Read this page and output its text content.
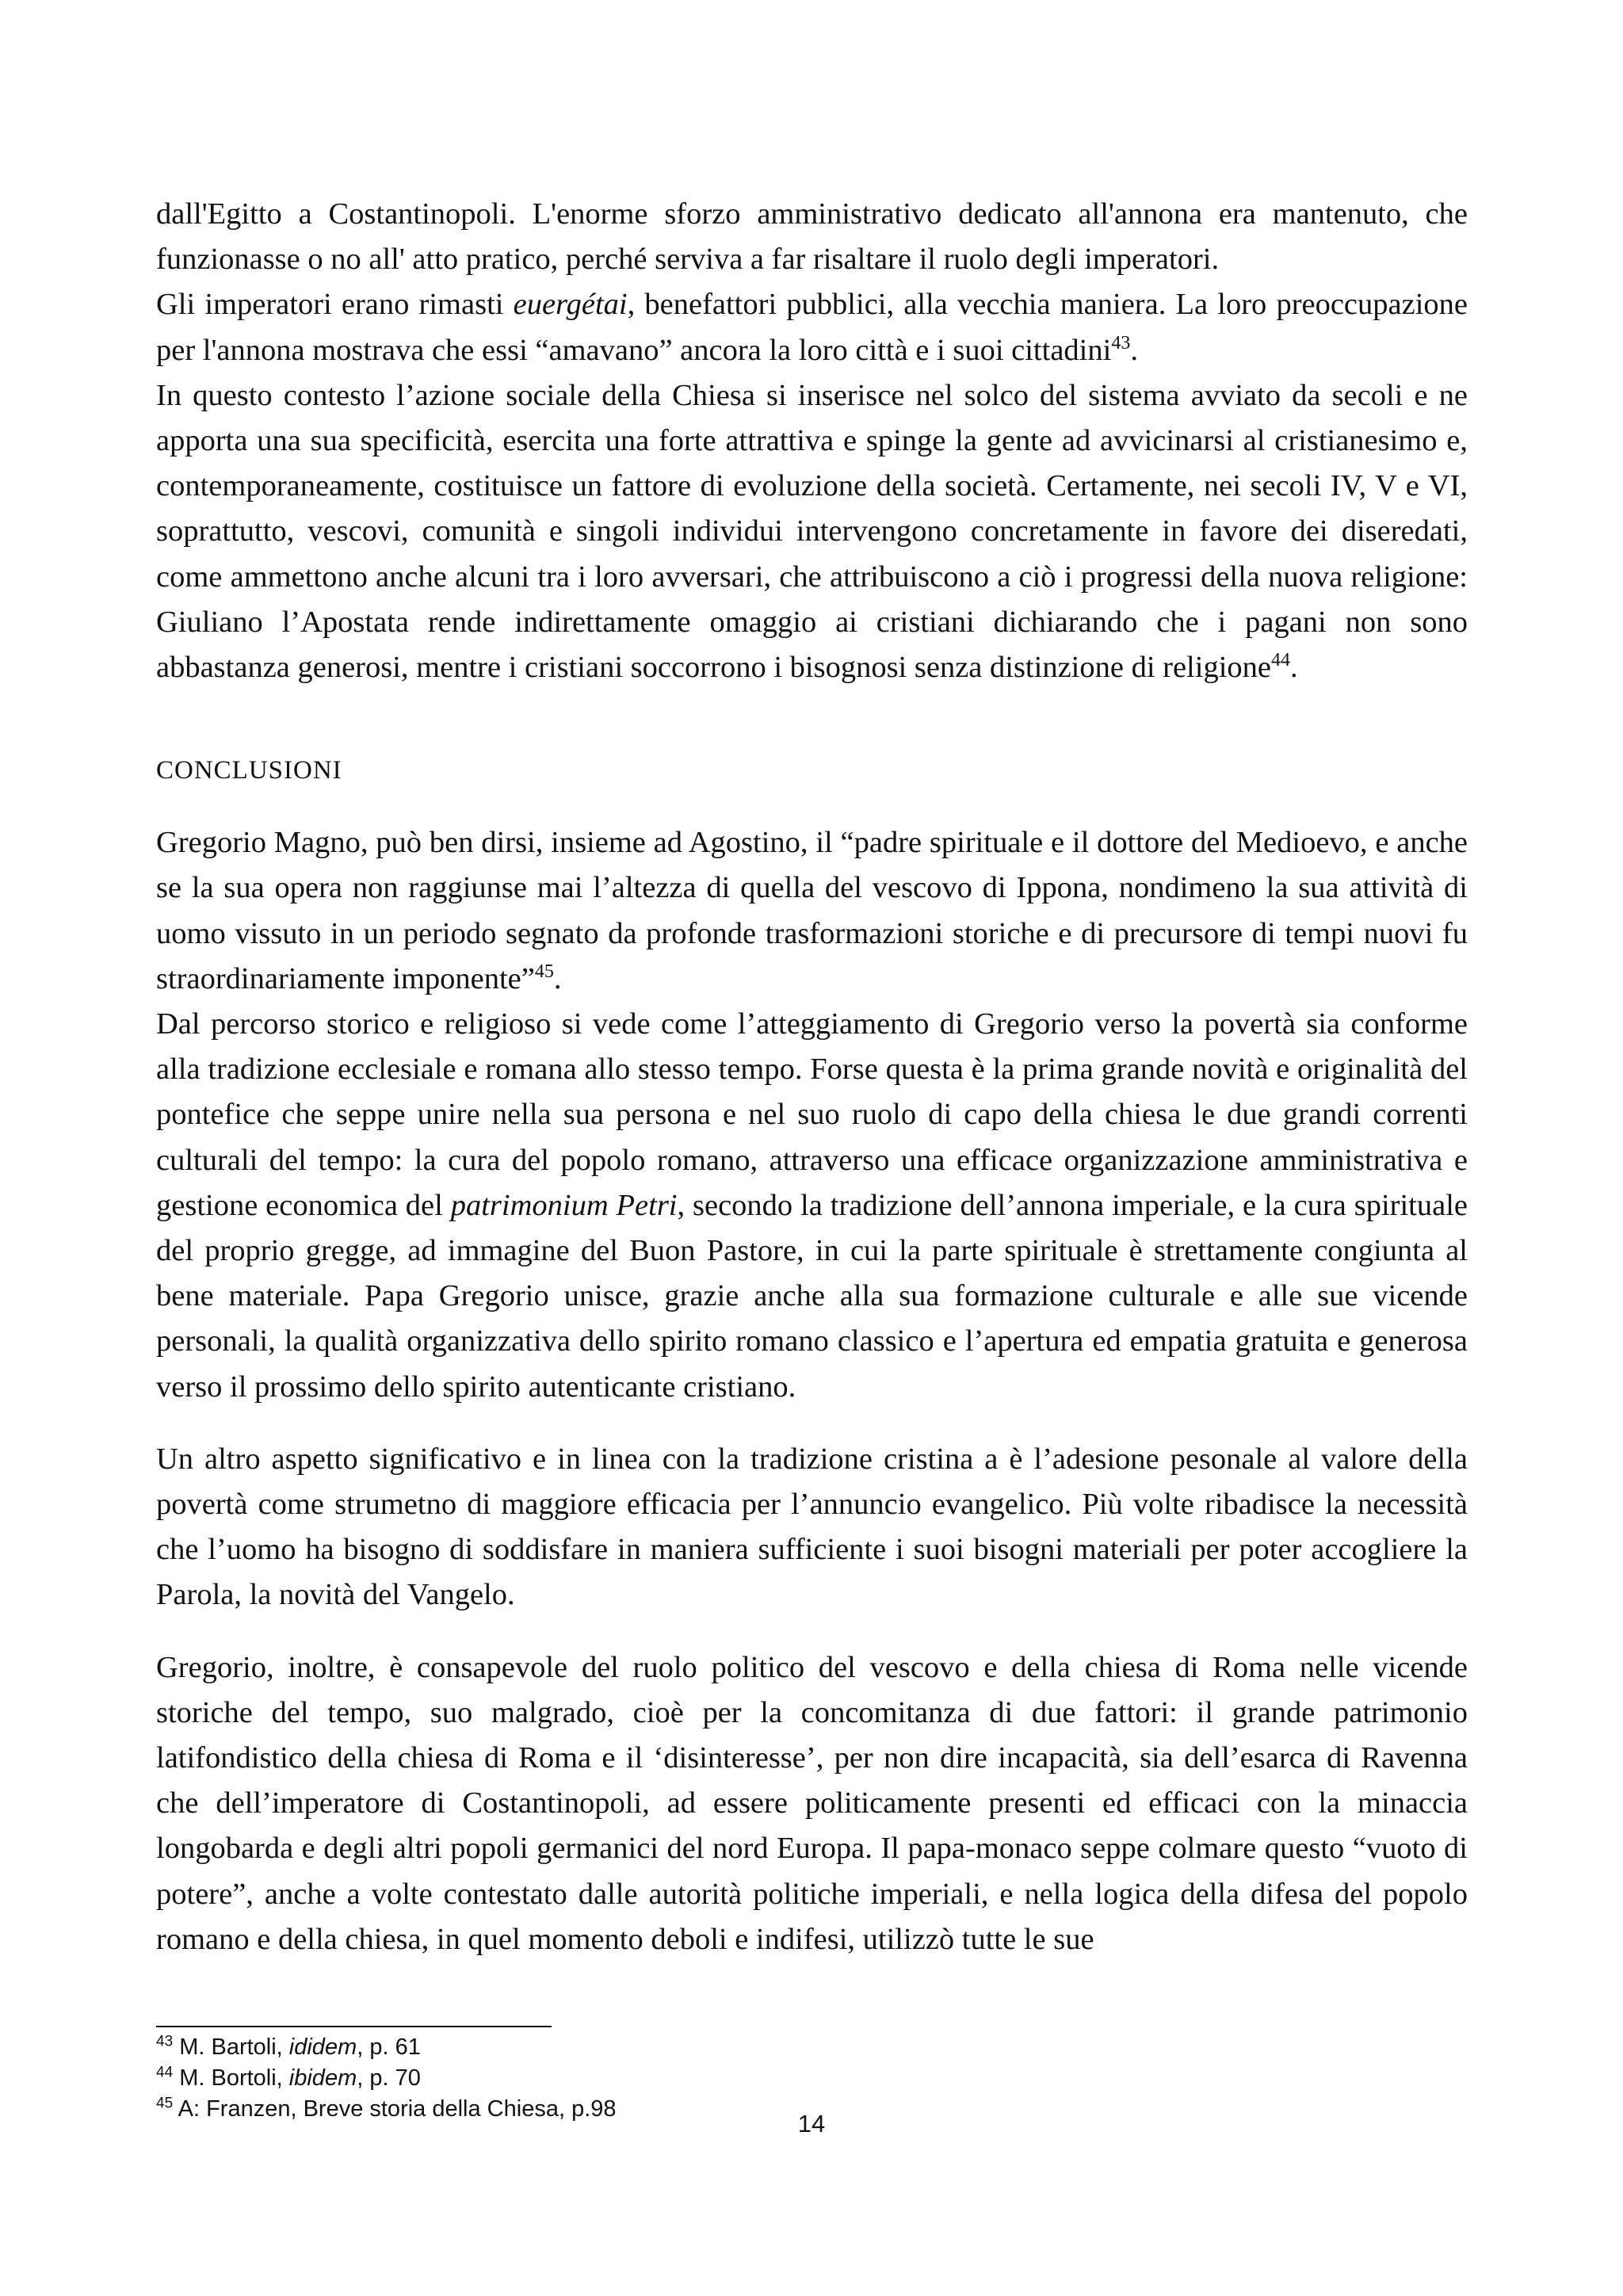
dall'Egitto a Costantinopoli. L'enorme sforzo amministrativo dedicato all'annona era mantenuto, che funzionasse o no all' atto pratico, perché serviva a far risaltare il ruolo degli imperatori.

Gli imperatori erano rimasti euergétai, benefattori pubblici, alla vecchia maniera. La loro preoccupazione per l'annona mostrava che essi “amavano” ancora la loro città e i suoi cittadini$^{43}$.

In questo contesto l’azione sociale della Chiesa si inserisce nel solco del sistema avviato da secoli e ne apporta una sua specificità, esercita una forte attrattiva e spinge la gente ad avvicinarsi al cristianesimo e, contemporaneamente, costituisce un fattore di evoluzione della società. Certamente, nei secoli IV, V e VI, soprattutto, vescovi, comunità e singoli individui intervengono concretamente in favore dei diseredati, come ammettono anche alcuni tra i loro avversari, che attribuiscono a ciò i progressi della nuova religione: Giuliano l’Apostata rende indirettamente omaggio ai cristiani dichiarando che i pagani non sono abbastanza generosi, mentre i cristiani soccorrono i bisognosi senza distinzione di religione$^{44}$.

CONCLUSIONI

Gregorio Magno, può ben dirsi, insieme ad Agostino, il “padre spirituale e il dottore del Medioevo, e anche se la sua opera non raggiunse mai l’altezza di quella del vescovo di Ippona, nondimeno la sua attività di uomo vissuto in un periodo segnato da profonde trasformazioni storiche e di precursore di tempi nuovi fu straordinariamente imponente”$^{45}$.

Dal percorso storico e religioso si vede come l’atteggiamento di Gregorio verso la povertà sia conforme alla tradizione ecclesiale e romana allo stesso tempo. Forse questa è la prima grande novità e originalità del pontefice che seppe unire nella sua persona e nel suo ruolo di capo della chiesa le due grandi correnti culturali del tempo: la cura del popolo romano, attraverso una efficace organizzazione amministrativa e gestione economica del patrimonium Petri, secondo la tradizione dell’annona imperiale, e la cura spirituale del proprio gregge, ad immagine del Buon Pastore, in cui la parte spirituale è strettamente congiunta al bene materiale. Papa Gregorio unisce, grazie anche alla sua formazione culturale e alle sue vicende personali, la qualità organizzativa dello spirito romano classico e l’apertura ed empatia gratuita e generosa verso il prossimo dello spirito autenticante cristiano.

Un altro aspetto significativo e in linea con la tradizione cristina a è l’adesione pesonale al valore della povertà come strumetno di maggiore efficacia per l’annuncio evangelico. Più volte ribadisce la necessità che l’uomo ha bisogno di soddisfare in maniera sufficiente i suoi bisogni materiali per poter accogliere la Parola, la novità del Vangelo.

Gregorio, inoltre, è consapevole del ruolo politico del vescovo e della chiesa di Roma nelle vicende storiche del tempo, suo malgrado, cioè per la concomitanza di due fattori: il grande patrimonio latifondistico della chiesa di Roma e il ‘disinteresse’, per non dire incapacità, sia dell’esarca di Ravenna che dell’imperatore di Costantinopoli, ad essere politicamente presenti ed efficaci con la minaccia longobarda e degli altri popoli germanici del nord Europa. Il papa-monaco seppe colmare questo “vuoto di potere”, anche a volte contestato dalle autorità politiche imperiali, e nella logica della difesa del popolo romano e della chiesa, in quel momento deboli e indifesi, utilizzò tutte le sue

$^{43}$ M. Bartoli, ididem, p. 61

$^{44}$ M. Bortoli, ibidem, p. 70

$^{45}$ A: Franzen, Breve storia della Chiesa, p.98

14
